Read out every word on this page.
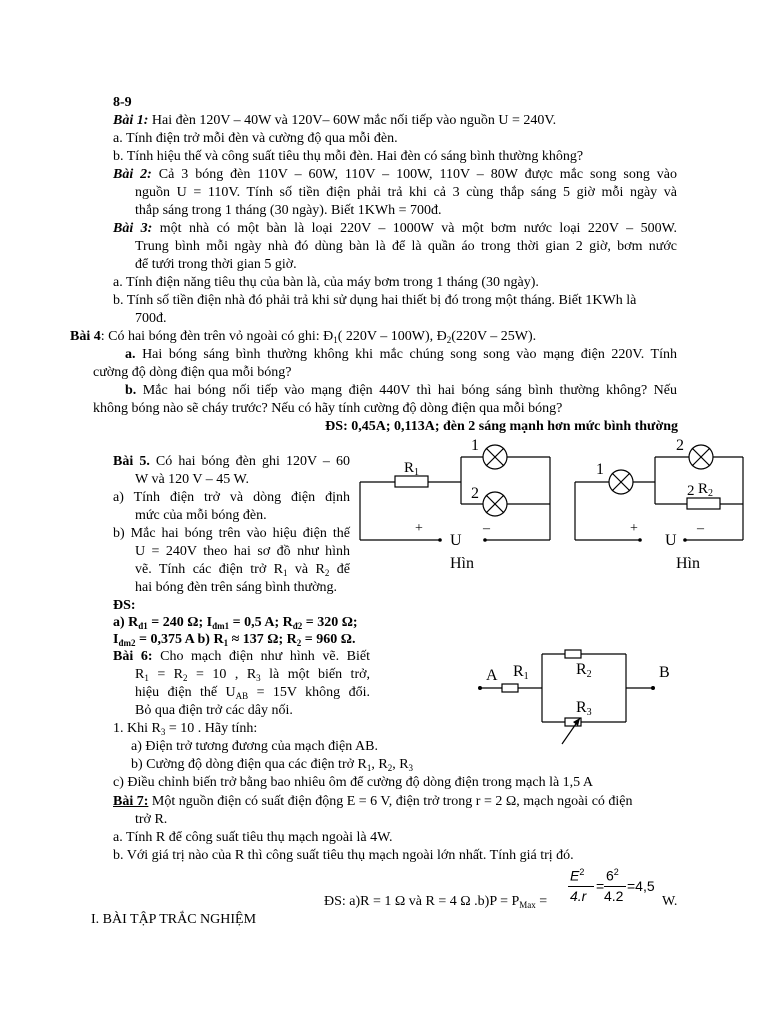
8-9
Bài 1: Hai đèn 120V – 40W và 120V– 60W mắc nối tiếp vào nguồn U = 240V.
a. Tính điện trở mỗi đèn và cường độ qua mỗi đèn.
b. Tính hiệu thế và công suất tiêu thụ mỗi đèn. Hai đèn có sáng bình thường không?
Bài 2: Cả 3 bóng đèn 110V – 60W, 110V – 100W, 110V – 80W được mắc song song vào
nguồn U = 110V. Tính số tiền điện phải trả khi cả 3 cùng thắp sáng 5 giờ mỗi ngày và
thắp sáng trong 1 tháng (30 ngày). Biết 1KWh = 700đ.
Bài 3: một nhà có một bàn là loại 220V – 1000W và một bơm nước loại 220V – 500W.
Trung bình mỗi ngày nhà đó dùng bàn là để là quần áo trong thời gian 2 giờ, bơm nước
để tưới trong thời gian 5 giờ.
a. Tính điện năng tiêu thụ của bàn là, của máy bơm trong 1 tháng (30 ngày).
b. Tính số tiền điện nhà đó phải trả khi sử dụng hai thiết bị đó trong một tháng. Biết 1KWh là
700đ.
Bài 4: Có hai bóng đèn trên vỏ ngoài có ghi: $Đ_1$( 220V – 100W), $Đ_2(220V - 25W)$.
a. Hai bóng sáng bình thường không khi mắc chúng song song vào mạng điện 220V. Tính
cường độ dòng điện qua mỗi bóng?
b. Mắc hai bóng nối tiếp vào mạng điện 440V thì hai bóng sáng bình thường không? Nếu
không bóng nào sẽ cháy trước? Nếu có hãy tính cường độ dòng điện qua mỗi bóng?
ĐS: 0,45A; 0,113A; đèn 2 sáng mạnh hơn mức bình thường
Bài 5. Có hai bóng đèn ghi 120V – 60
W và 120 V – 45 W.
a) Tính điện trở và dòng điện định
mức của mỗi bóng đèn.
b) Mắc hai bóng trên vào hiệu điện thế
U = 240V theo hai sơ đồ như hình
vẽ. Tính các điện trở $R_1$ và $R_2$ để
hai bóng đèn trên sáng bình thường.
ĐS:
a) $R_{đ1} = 240$ Ω; $I_{đm1} = 0,5$ A; $R_{đ2} = 320$ Ω;
$I_{đm2} = 0,375$ A b) $R_1 \approx 137$ Ω; $R_2 = 960$ Ω.
1
2
$R_1$
+	–
U
Hìn
1
2
2 $R_2$
+	–
U
Hìn
Bài 6: Cho mạch điện như hình vẽ. Biết
$R_1 = R_2 = 10$ , $R_3$ là một biến trở,
hiệu điện thế $U_{AB} = 15V$ không đổi.
Bỏ qua điện trở các dây nối.
1. Khi $R_3 = 10$ . Hãy tính:
a) Điện trở tương đương của mạch điện AB.
b) Cường độ dòng điện qua các điện trở $R_1$, $R_2$, $R_3$
c) Điều chỉnh biến trở bằng bao nhiêu ôm để cường độ dòng điện trong mạch là 1,5 A
A	B
R1	R2
R3
Bài 7: Một nguồn điện có suất điện động E = 6 V, điện trở trong r = 2 Ω, mạch ngoài có điện
trở R.
a. Tính R để công suất tiêu thụ mạch ngoài là 4W.
b. Với giá trị nào của R thì công suất tiêu thụ mạch ngoài lớn nhất. Tính giá trị đó.
ĐS: a)R = 1 Ω và R = 4 Ω $.b)P = P_{Max}$ =
$E^2$
4.r
=
$6^2$
4.2
=4,5
W.
I. BÀI TẬP TRẮC NGHIỆM
